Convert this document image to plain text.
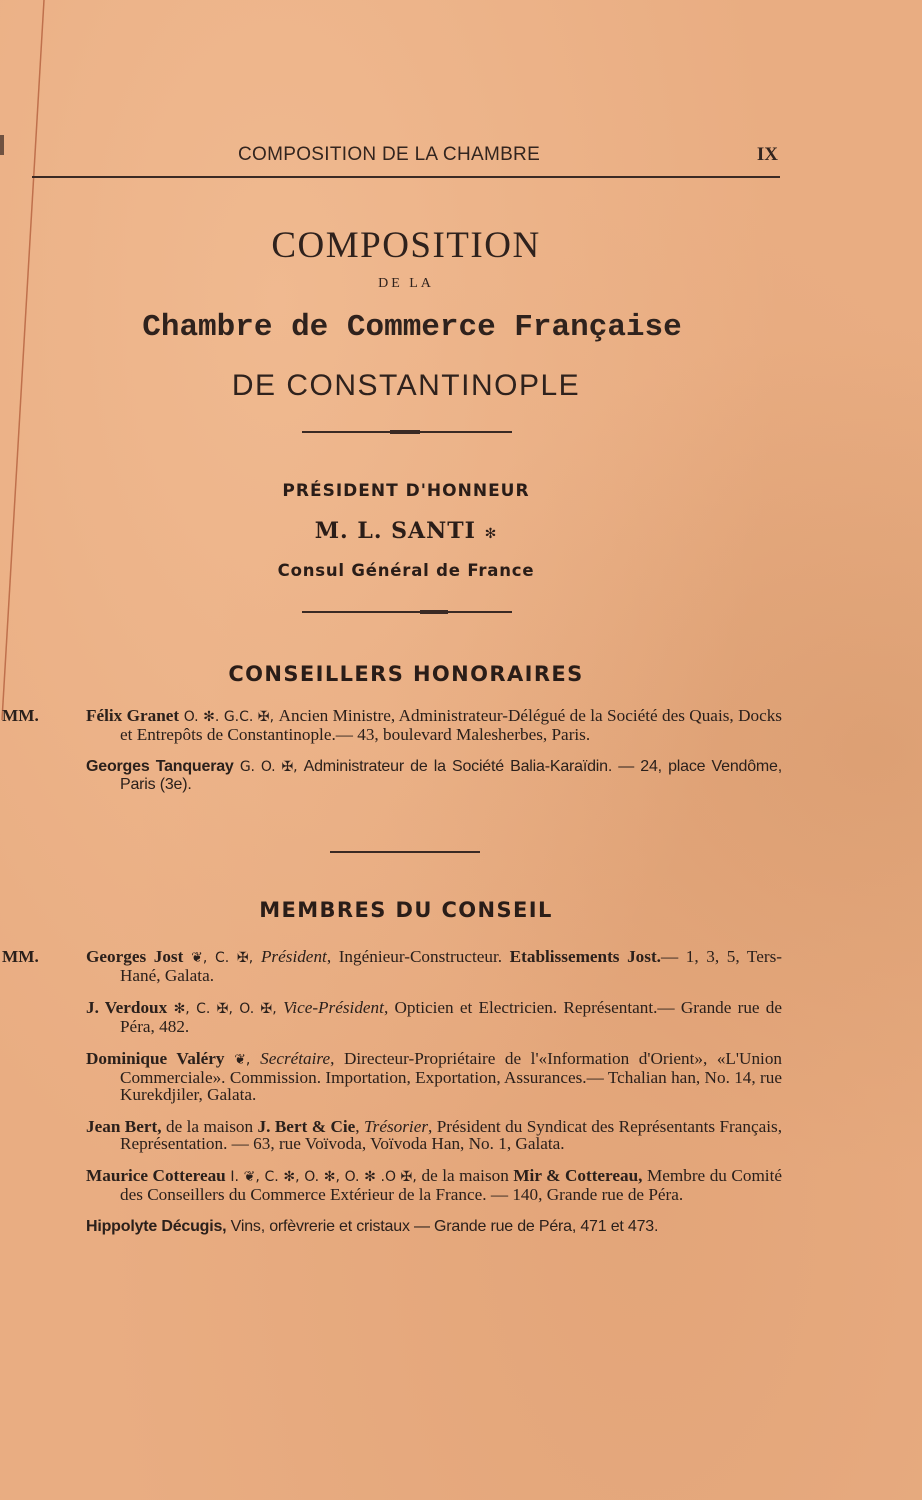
COMPOSITION DE LA CHAMBRE	IX
COMPOSITION
DE LA
Chambre de Commerce Française
DE CONSTANTINOPLE
PRÉSIDENT D'HONNEUR
M. L. SANTI ✻
Consul Général de France
CONSEILLERS HONORAIRES
MM.	Félix Granet O. ✻. G.C. ✠, Ancien Ministre, Administrateur-Délégué de la Société des Quais, Docks et Entrepôts de Constantinople.— 43, boulevard Malesherbes, Paris.
Georges Tanqueray G. O. ✠, Administrateur de la Société Balia-Karaïdin. — 24, place Vendôme, Paris (3e).
MEMBRES DU CONSEIL
MM.	Georges Jost ❦, C. ✠, Président, Ingénieur-Constructeur. Etablissements Jost.— 1, 3, 5, Ters-Hané, Galata.
J. Verdoux ✻, C. ✠, O. ✠, Vice-Président, Opticien et Electricien. Représentant.— Grande rue de Péra, 482.
Dominique Valéry ❦, Secrétaire, Directeur-Propriétaire de l'«Information d'Orient», «L'Union Commerciale». Commission. Importation, Exportation, Assurances.— Tchalian han, No. 14, rue Kurekdjiler, Galata.
Jean Bert, de la maison J. Bert & Cie, Trésorier, Président du Syndicat des Représentants Français, Représentation. — 63, rue Voïvoda, Voïvoda Han, No. 1, Galata.
Maurice Cottereau I. ❦, C. ✻, O. ✻, O. ✻ .O ✠, de la maison Mir & Cottereau, Membre du Comité des Conseillers du Commerce Extérieur de la France. — 140, Grande rue de Péra.
Hippolyte Décugis, Vins, orfèvrerie et cristaux — Grande rue de Péra, 471 et 473.
